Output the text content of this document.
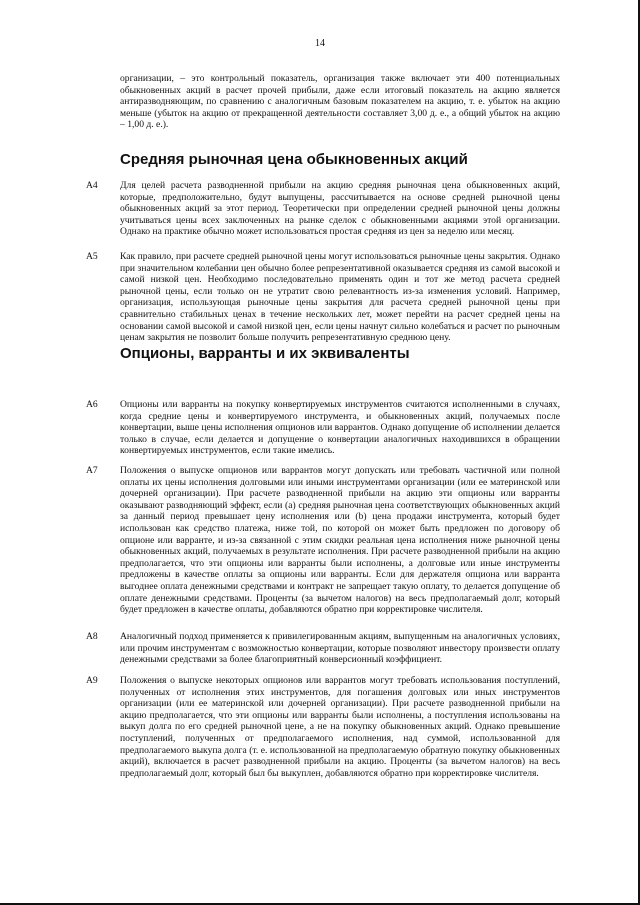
14
организации, – это контрольный показатель, организация также включает эти 400 потенциальных обыкновенных акций в расчет прочей прибыли, даже если итоговый показатель на акцию является антиразводняющим, по сравнению с аналогичным базовым показателем на акцию, т. е. убыток на акцию меньше (убыток на акцию от прекращенной деятельности составляет 3,00 д. е., а общий убыток на акцию – 1,00 д. е.).
Средняя рыночная цена обыкновенных акций
A4	Для целей расчета разводненной прибыли на акцию средняя рыночная цена обыкновенных акций, которые, предположительно, будут выпущены, рассчитывается на основе средней рыночной цены обыкновенных акций за этот период. Теоретически при определении средней рыночной цены должны учитываться цены всех заключенных на рынке сделок с обыкновенными акциями этой организации. Однако на практике обычно может использоваться простая средняя из цен за неделю или месяц.
A5	Как правило, при расчете средней рыночной цены могут использоваться рыночные цены закрытия. Однако при значительном колебании цен обычно более репрезентативной оказывается средняя из самой высокой и самой низкой цен. Необходимо последовательно применять один и тот же метод расчета средней рыночной цены, если только он не утратит свою релевантность из-за изменения условий. Например, организация, использующая рыночные цены закрытия для расчета средней рыночной цены при сравнительно стабильных ценах в течение нескольких лет, может перейти на расчет средней цены на основании самой высокой и самой низкой цен, если цены начнут сильно колебаться и расчет по рыночным ценам закрытия не позволит больше получить репрезентативную среднюю цену.
Опционы, варранты и их эквиваленты
A6	Опционы или варранты на покупку конвертируемых инструментов считаются исполненными в случаях, когда средние цены и конвертируемого инструмента, и обыкновенных акций, получаемых после конвертации, выше цены исполнения опционов или варрантов. Однако допущение об исполнении делается только в случае, если делается и допущение о конвертации аналогичных находившихся в обращении конвертируемых инструментов, если такие имелись.
A7	Положения о выпуске опционов или варрантов могут допускать или требовать частичной или полной оплаты их цены исполнения долговыми или иными инструментами организации (или ее материнской или дочерней организации). При расчете разводненной прибыли на акцию эти опционы или варранты оказывают разводняющий эффект, если (а) средняя рыночная цена соответствующих обыкновенных акций за данный период превышает цену исполнения или (b) цена продажи инструмента, который будет использован как средство платежа, ниже той, по которой он может быть предложен по договору об опционе или варранте, и из-за связанной с этим скидки реальная цена исполнения ниже рыночной цены обыкновенных акций, получаемых в результате исполнения. При расчете разводненной прибыли на акцию предполагается, что эти опционы или варранты были исполнены, а долговые или иные инструменты предложены в качестве оплаты за опционы или варранты. Если для держателя опциона или варранта выгоднее оплата денежными средствами и контракт не запрещает такую оплату, то делается допущение об оплате денежными средствами. Проценты (за вычетом налогов) на весь предполагаемый долг, который будет предложен в качестве оплаты, добавляются обратно при корректировке числителя.
A8	Аналогичный подход применяется к привилегированным акциям, выпущенным на аналогичных условиях, или прочим инструментам с возможностью конвертации, которые позволяют инвестору произвести оплату денежными средствами за более благоприятный конверсионный коэффициент.
A9	Положения о выпуске некоторых опционов или варрантов могут требовать использования поступлений, полученных от исполнения этих инструментов, для погашения долговых или иных инструментов организации (или ее материнской или дочерней организации). При расчете разводненной прибыли на акцию предполагается, что эти опционы или варранты были исполнены, а поступления использованы на выкуп долга по его средней рыночной цене, а не на покупку обыкновенных акций. Однако превышение поступлений, полученных от предполагаемого исполнения, над суммой, использованной для предполагаемого выкупа долга (т. е. использованной на предполагаемую обратную покупку обыкновенных акций), включается в расчет разводненной прибыли на акцию. Проценты (за вычетом налогов) на весь предполагаемый долг, который был бы выкуплен, добавляются обратно при корректировке числителя.
